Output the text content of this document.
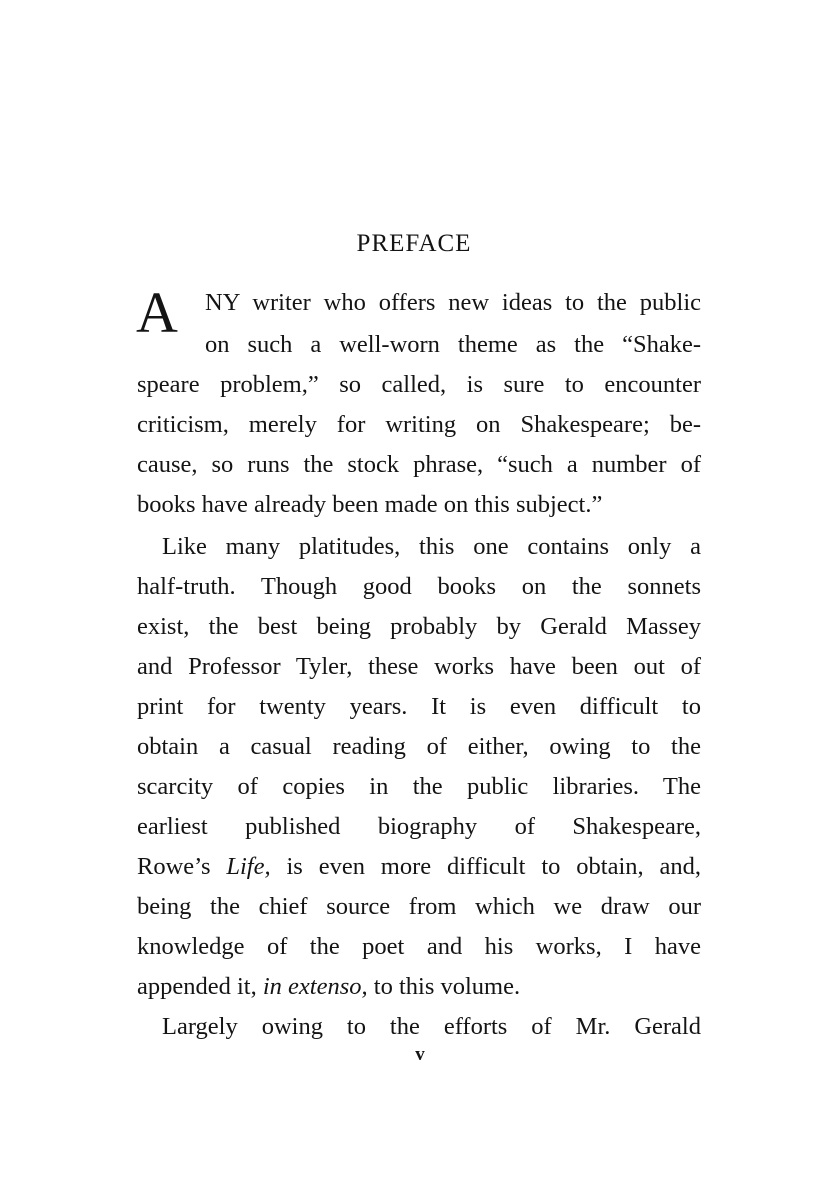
PREFACE
A NY writer who offers new ideas to the public
on such a well-worn theme as the “Shake-
speare problem,” so called, is sure to encounter
criticism, merely for writing on Shakespeare; be-
cause, so runs the stock phrase, “such a number of
books have already been made on this subject.”
Like many platitudes, this one contains only a
half-truth. Though good books on the sonnets
exist, the best being probably by Gerald Massey
and Professor Tyler, these works have been out of
print for twenty years. It is even difficult to
obtain a casual reading of either, owing to the
scarcity of copies in the public libraries. The
earliest published biography of Shakespeare,
Rowe’s Life, is even more difficult to obtain, and,
being the chief source from which we draw our
knowledge of the poet and his works, I have
appended it, in extenso, to this volume.
Largely owing to the efforts of Mr. Gerald
v
